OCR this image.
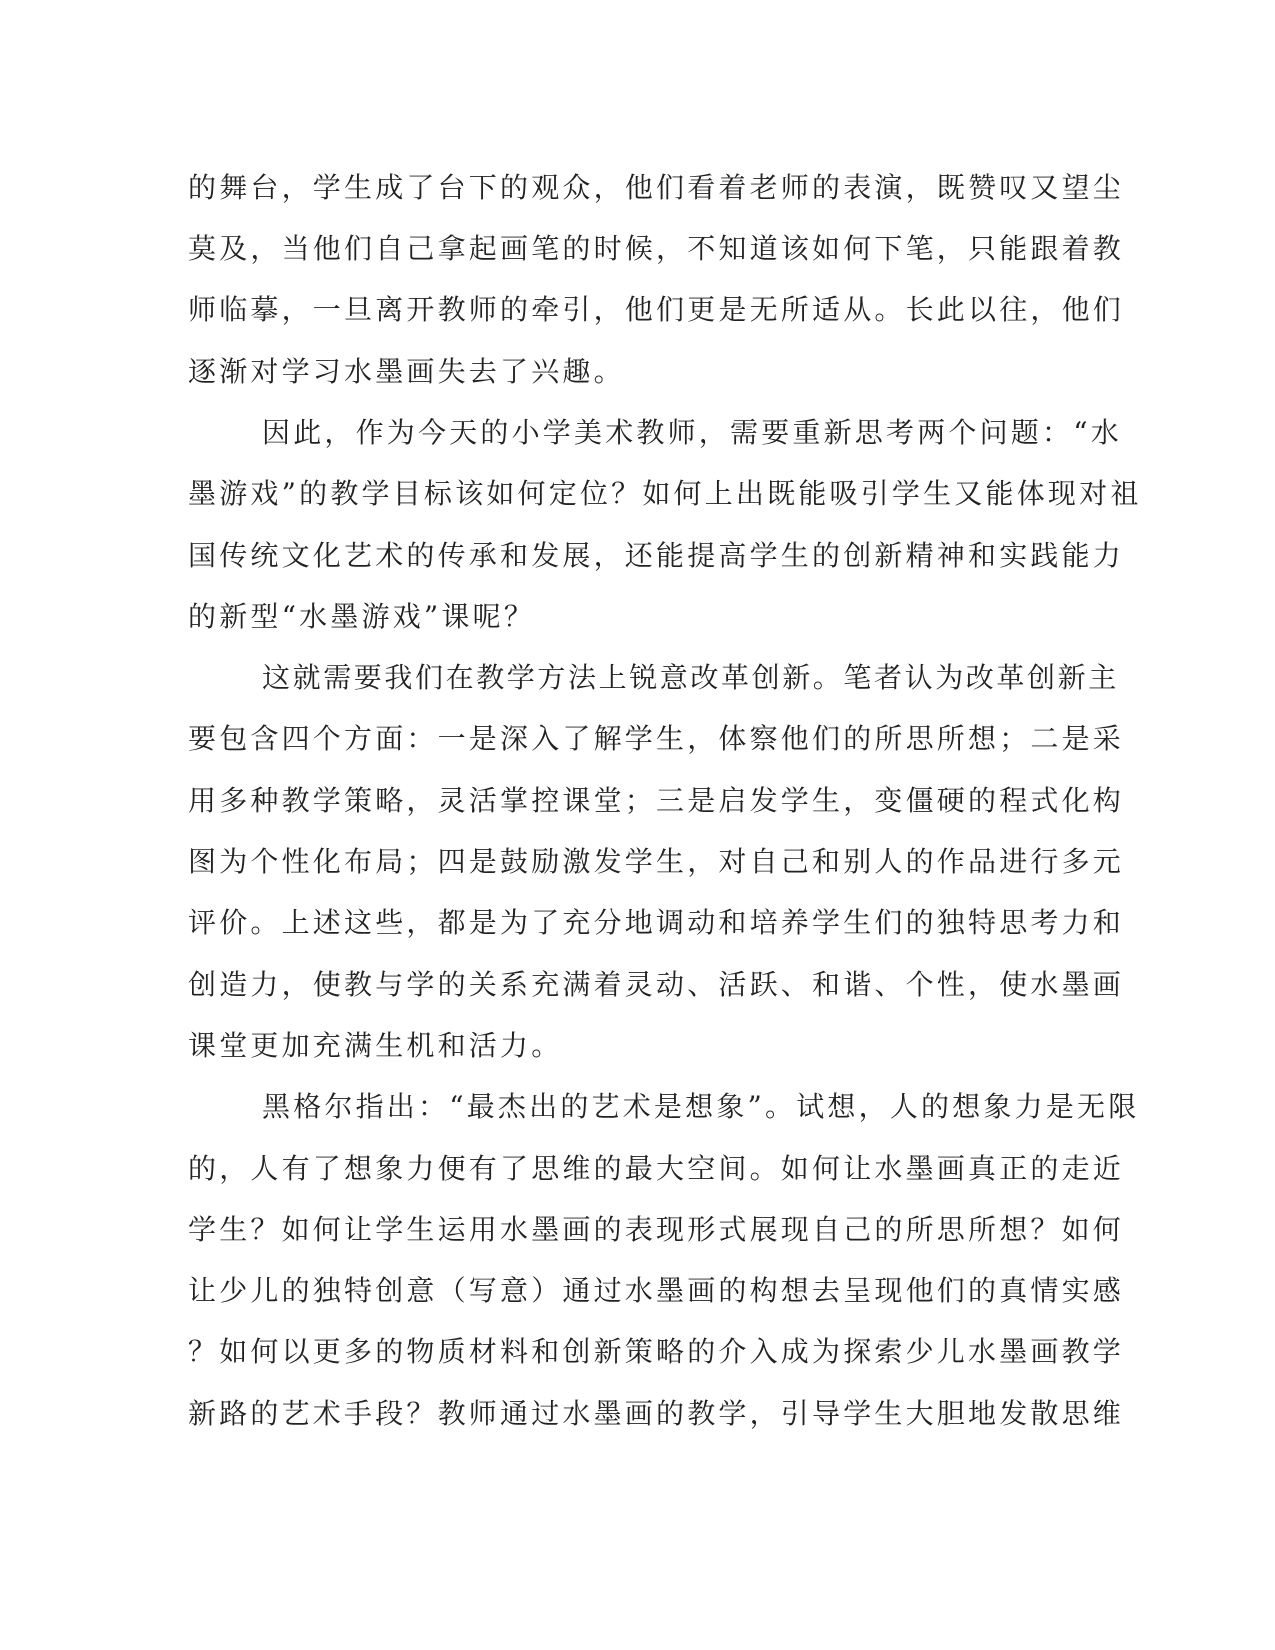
的舞台，学生成了台下的观众，他们看着老师的表演，既赞叹又望尘
莫及，当他们自己拿起画笔的时候，不知道该如何下笔，只能跟着教
师临摹，一旦离开教师的牵引，他们更是无所适从。长此以往，他们
逐渐对学习水墨画失去了兴趣。
因此，作为今天的小学美术教师，需要重新思考两个问题：“水
墨游戏”的教学目标该如何定位？如何上出既能吸引学生又能体现对祖
国传统文化艺术的传承和发展，还能提高学生的创新精神和实践能力
的新型“水墨游戏”课呢？
这就需要我们在教学方法上锐意改革创新。笔者认为改革创新主
要包含四个方面：一是深入了解学生，体察他们的所思所想；二是采
用多种教学策略，灵活掌控课堂；三是启发学生，变僵硬的程式化构
图为个性化布局；四是鼓励激发学生，对自己和别人的作品进行多元
评价。上述这些，都是为了充分地调动和培养学生们的独特思考力和
创造力，使教与学的关系充满着灵动、活跃、和谐、个性，使水墨画
课堂更加充满生机和活力。
黑格尔指出：“最杰出的艺术是想象”。试想，人的想象力是无限
的，人有了想象力便有了思维的最大空间。如何让水墨画真正的走近
学生？如何让学生运用水墨画的表现形式展现自己的所思所想？如何
让少儿的独特创意（写意）通过水墨画的构想去呈现他们的真情实感
？如何以更多的物质材料和创新策略的介入成为探索少儿水墨画教学
新路的艺术手段？教师通过水墨画的教学，引导学生大胆地发散思维
